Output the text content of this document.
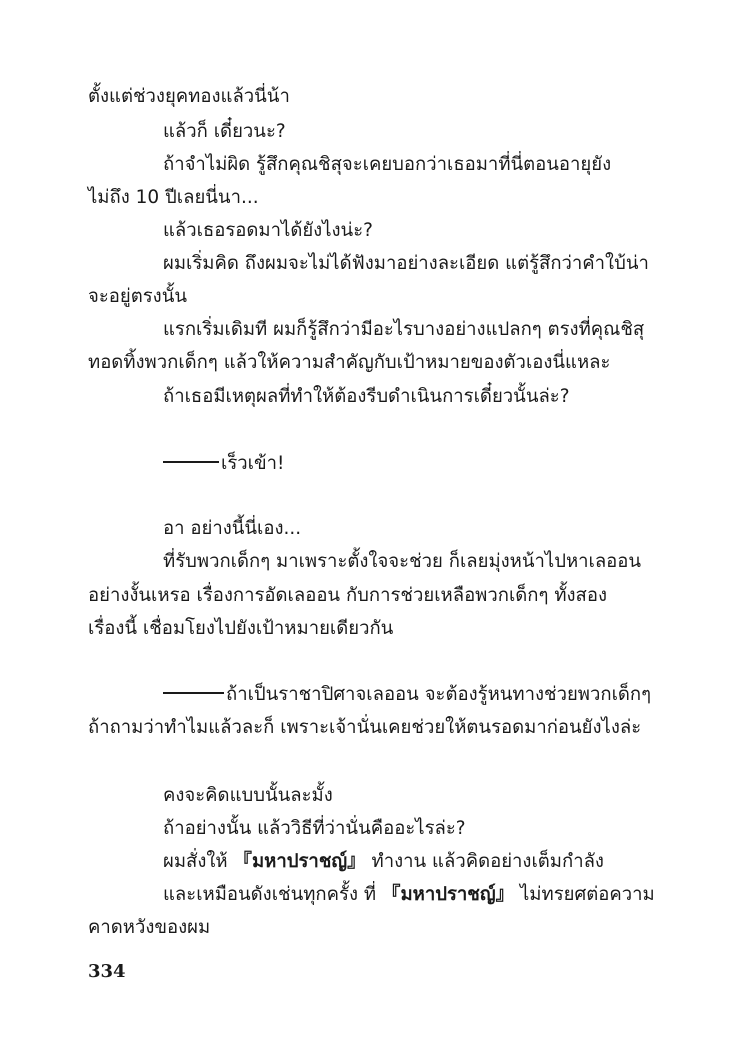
ตั้งแต่ช่วงยุคทองแล้วนี่น้า
แล้วก็ เดี๋ยวนะ?
ถ้าจำไม่ผิด รู้สึกคุณชิสุจะเคยบอกว่าเธอมาที่นี่ตอนอายุยัง
ไม่ถึง 10 ปีเลยนี่นา...
แล้วเธอรอดมาได้ยังไงน่ะ?
ผมเริ่มคิด ถึงผมจะไม่ได้ฟังมาอย่างละเอียด แต่รู้สึกว่าคำใบ้น่า
จะอยู่ตรงนั้น
แรกเริ่มเดิมที ผมก็รู้สึกว่ามีอะไรบางอย่างแปลกๆ ตรงที่คุณชิสุ
ทอดทิ้งพวกเด็กๆ แล้วให้ความสำคัญกับเป้าหมายของตัวเองนี่แหละ
ถ้าเธอมีเหตุผลที่ทำให้ต้องรีบดำเนินการเดี๋ยวนั้นล่ะ?
เร็วเข้า!
อา อย่างนี้นี่เอง...
ที่รับพวกเด็กๆ มาเพราะตั้งใจจะช่วย ก็เลยมุ่งหน้าไปหาเลออน
อย่างงั้นเหรอ เรื่องการอัดเลออน กับการช่วยเหลือพวกเด็กๆ ทั้งสอง
เรื่องนี้ เชื่อมโยงไปยังเป้าหมายเดียวกัน
ถ้าเป็นราชาปิศาจเลออน จะต้องรู้หนทางช่วยพวกเด็กๆ
ถ้าถามว่าทำไมแล้วละก็ เพราะเจ้านั่นเคยช่วยให้ตนรอดมาก่อนยังไงล่ะ
คงจะคิดแบบนั้นละมั้ง
ถ้าอย่างนั้น แล้ววิธีที่ว่านั่นคืออะไรล่ะ?
ผมสั่งให้ 『มหาปราชญ์』 ทำงาน แล้วคิดอย่างเต็มกำลัง
และเหมือนดังเช่นทุกครั้ง ที่ 『มหาปราชญ์』 ไม่ทรยศต่อความ
คาดหวังของผม
334
